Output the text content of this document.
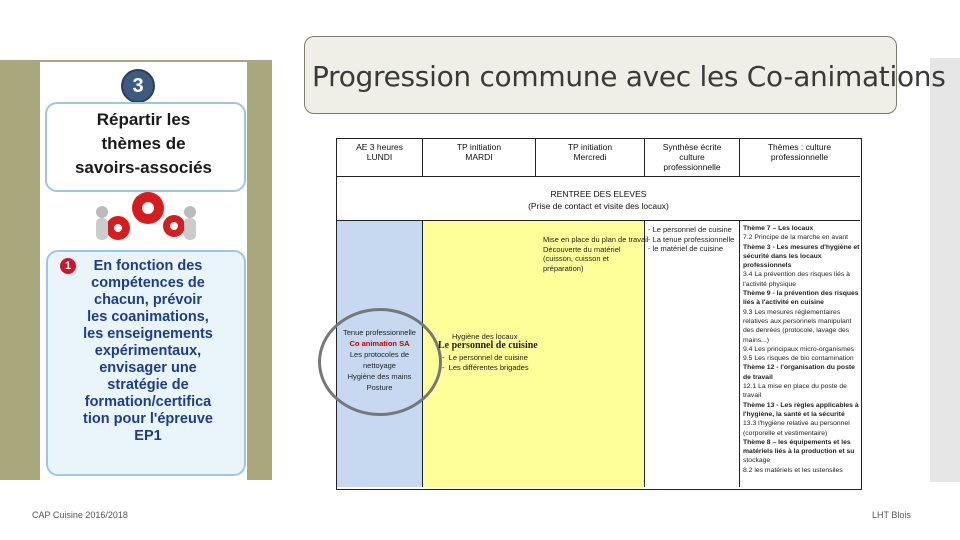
Progression commune avec les Co-animations
3
Répartir les
thèmes de
savoirs-associés
1	En fonction des
compétences de
chacun, prévoir
les coanimations,
les enseignements
expérimentaux,
envisager une
stratégie de
formation/certifica
tion pour l'épreuve
EP1
AE 3 heures
LUNDI
TP initiation
MARDI
TP initiation
Mercredi
Synthèse écrite
culture
professionnelle
Thèmes : culture
professionnelle
RENTREE DES ELEVES
(Prise de contact et visite des locaux)
Tenue professionnelle
Co animation SA
Les protocoles de
nettoyage
Hygiène des mains
Posture
Mise en place du plan de travail
Découverte du matériel
(cuisson, cuisson et
préparation)
Hygiène des locaux
Le personnel de cuisine
-  Le personnel de cuisine
-  Les différentes brigades
- Le personnel de cuisine
- La tenue professionnelle
- le matériel de cuisine
Thème 7 – Les locaux
7.2 Principe de la marche en avant
Thème 3 - Les mesures d'hygiène et
sécurité dans les locaux
professionnels
3.4 La prévention des risques liés à
l'activité physique
Thème 9 - la prévention des risques
liés à l'activité en cuisine
9.3 Les mesures réglementaires
relatives aux personnels manipulant
des denrées (protocole, lavage des
mains...)
9.4 Les principaux micro-organismes
9.5 Les risques de bio contamination
Thème 12 - l'organisation du poste
de travail
12.1 La mise en place du poste de
travail
Thème 13 - Les règles applicables à
l'hygiène, la santé et la sécurité
13.3 l'hygiène relative au personnel
(corporelle et vestimentaire)
Thème 8 – les équipements et les
matériels liés à la production et su
stockage
8.2 les matériels et les ustensiles
CAP Cuisine 2016/2018	LHT Blois
